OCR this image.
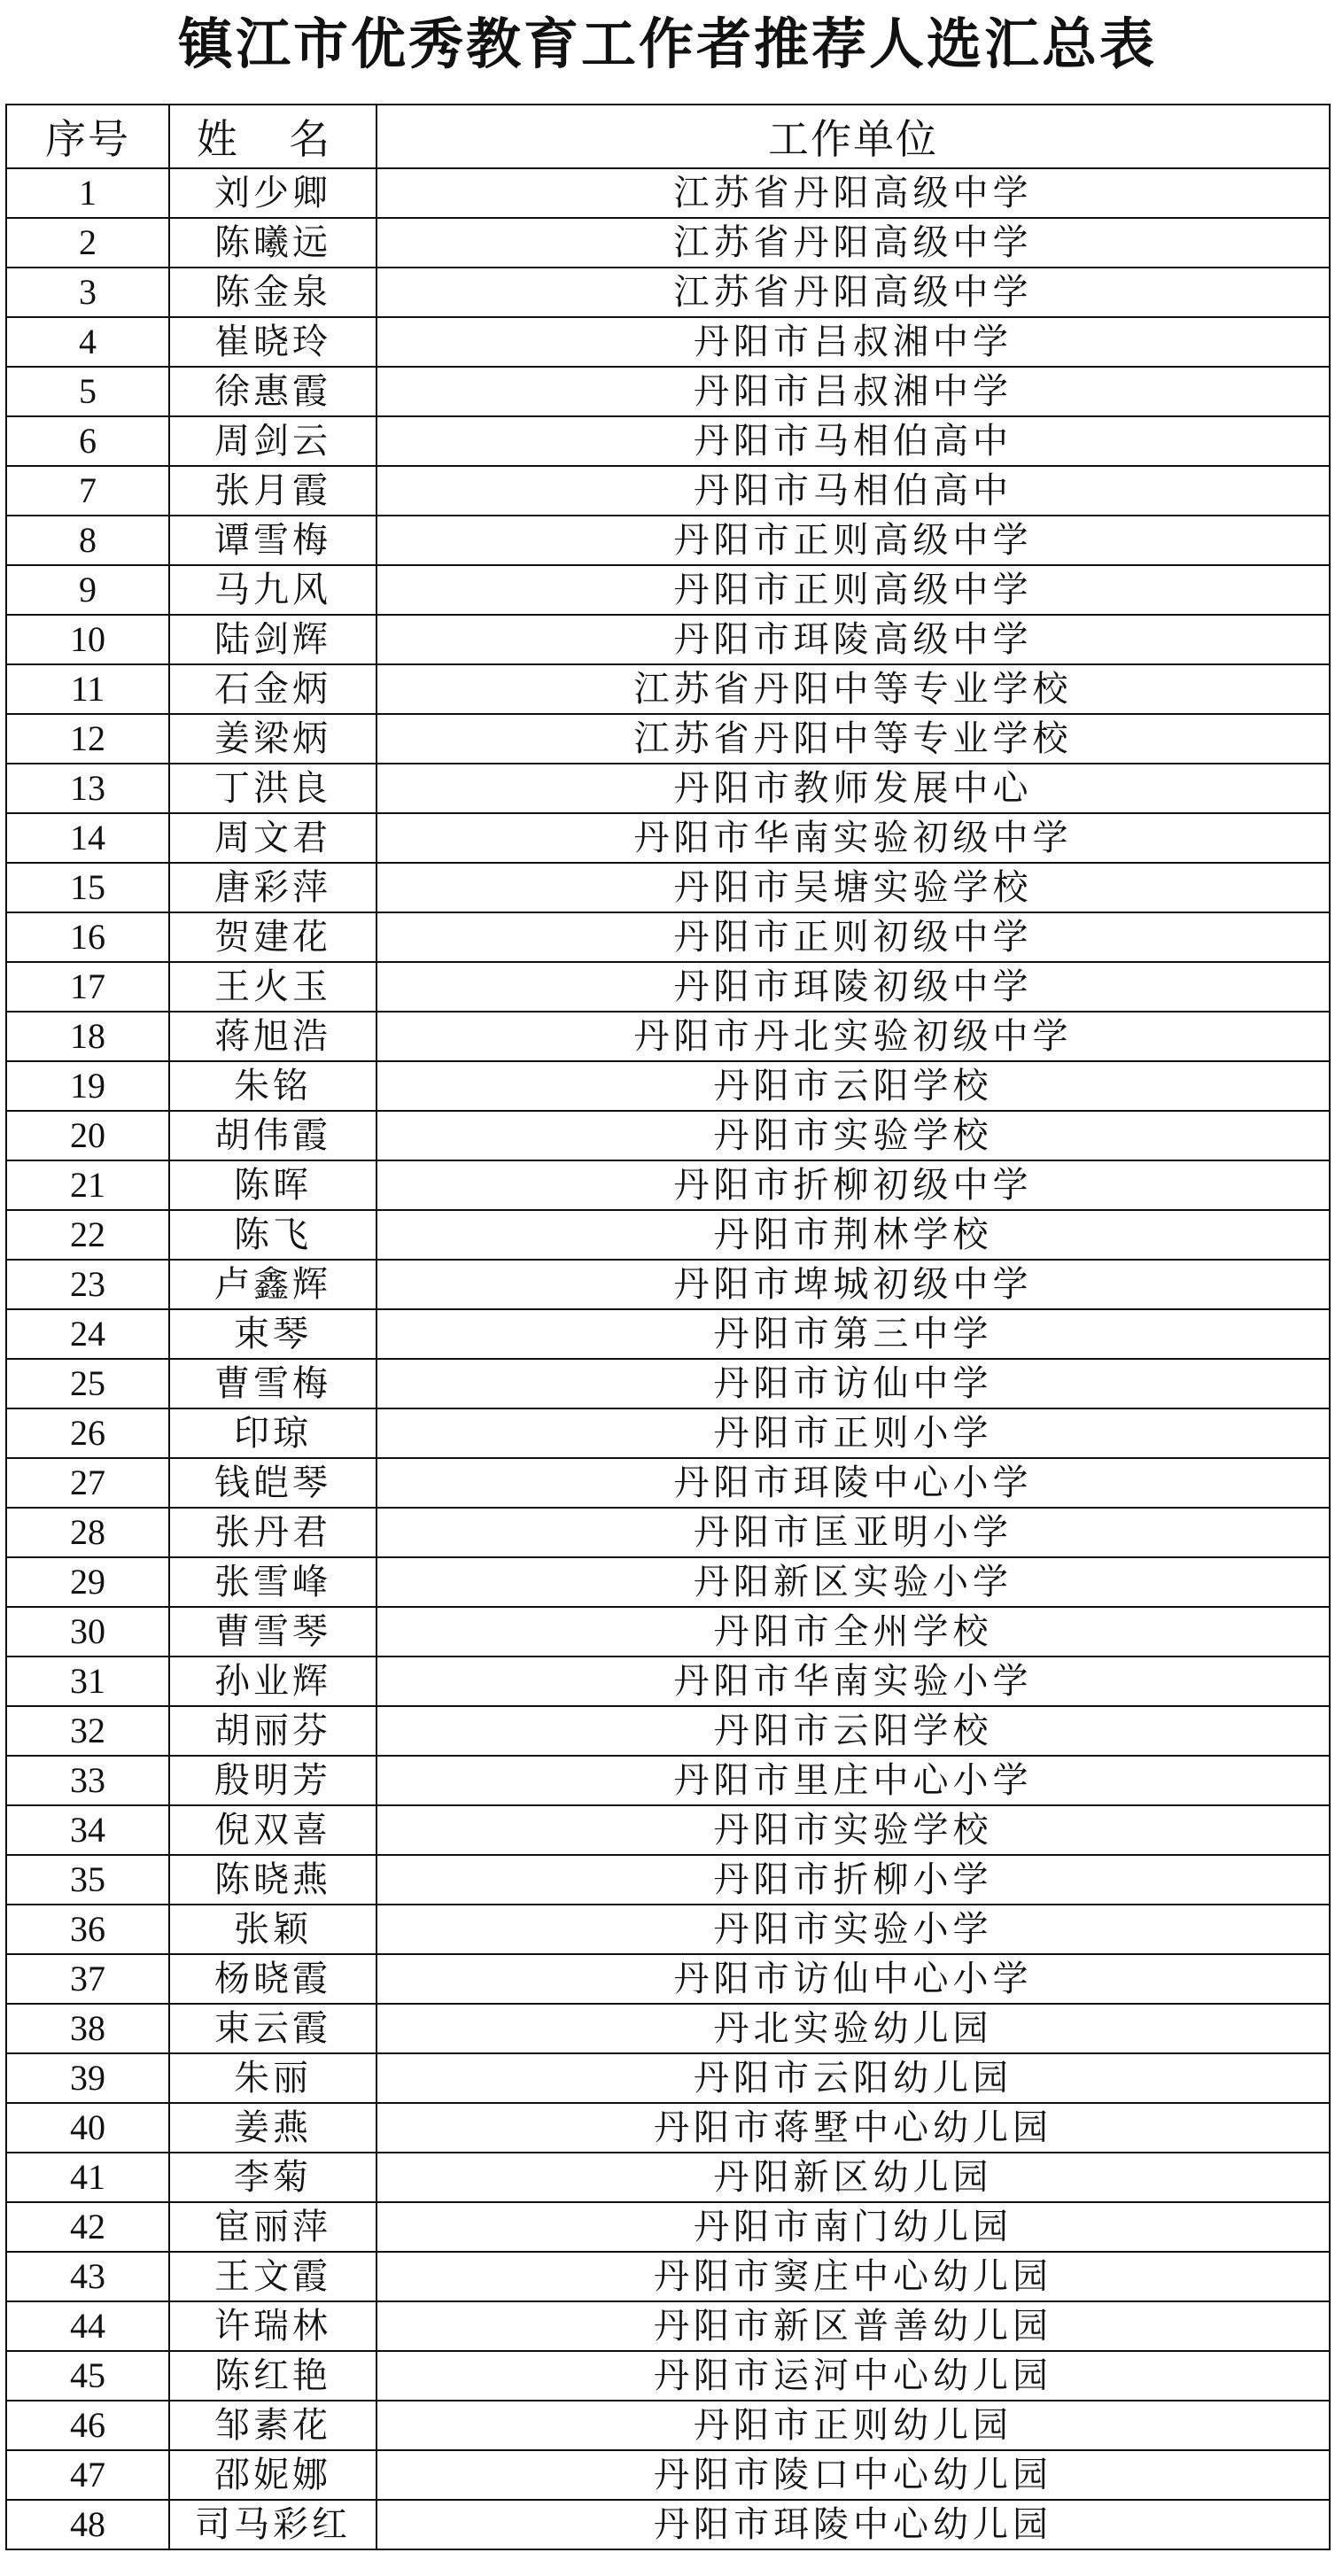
镇江市优秀教育工作者推荐人选汇总表
序号	姓 名	工作单位
1	刘少卿	江苏省丹阳高级中学
2	陈曦远	江苏省丹阳高级中学
3	陈金泉	江苏省丹阳高级中学
4	崔晓玲	丹阳市吕叔湘中学
5	徐惠霞	丹阳市吕叔湘中学
6	周剑云	丹阳市马相伯高中
7	张月霞	丹阳市马相伯高中
8	谭雪梅	丹阳市正则高级中学
9	马九风	丹阳市正则高级中学
10	陆剑辉	丹阳市珥陵高级中学
11	石金炳	江苏省丹阳中等专业学校
12	姜梁炳	江苏省丹阳中等专业学校
13	丁洪良	丹阳市教师发展中心
14	周文君	丹阳市华南实验初级中学
15	唐彩萍	丹阳市吴塘实验学校
16	贺建花	丹阳市正则初级中学
17	王火玉	丹阳市珥陵初级中学
18	蒋旭浩	丹阳市丹北实验初级中学
19	朱铭	丹阳市云阳学校
20	胡伟霞	丹阳市实验学校
21	陈晖	丹阳市折柳初级中学
22	陈飞	丹阳市荆林学校
23	卢鑫辉	丹阳市埤城初级中学
24	束琴	丹阳市第三中学
25	曹雪梅	丹阳市访仙中学
26	印琼	丹阳市正则小学
27	钱皑琴	丹阳市珥陵中心小学
28	张丹君	丹阳市匡亚明小学
29	张雪峰	丹阳新区实验小学
30	曹雪琴	丹阳市全州学校
31	孙业辉	丹阳市华南实验小学
32	胡丽芬	丹阳市云阳学校
33	殷明芳	丹阳市里庄中心小学
34	倪双喜	丹阳市实验学校
35	陈晓燕	丹阳市折柳小学
36	张颖	丹阳市实验小学
37	杨晓霞	丹阳市访仙中心小学
38	束云霞	丹北实验幼儿园
39	朱丽	丹阳市云阳幼儿园
40	姜燕	丹阳市蒋墅中心幼儿园
41	李菊	丹阳新区幼儿园
42	宦丽萍	丹阳市南门幼儿园
43	王文霞	丹阳市窦庄中心幼儿园
44	许瑞林	丹阳市新区普善幼儿园
45	陈红艳	丹阳市运河中心幼儿园
46	邹素花	丹阳市正则幼儿园
47	邵妮娜	丹阳市陵口中心幼儿园
48	司马彩红	丹阳市珥陵中心幼儿园
